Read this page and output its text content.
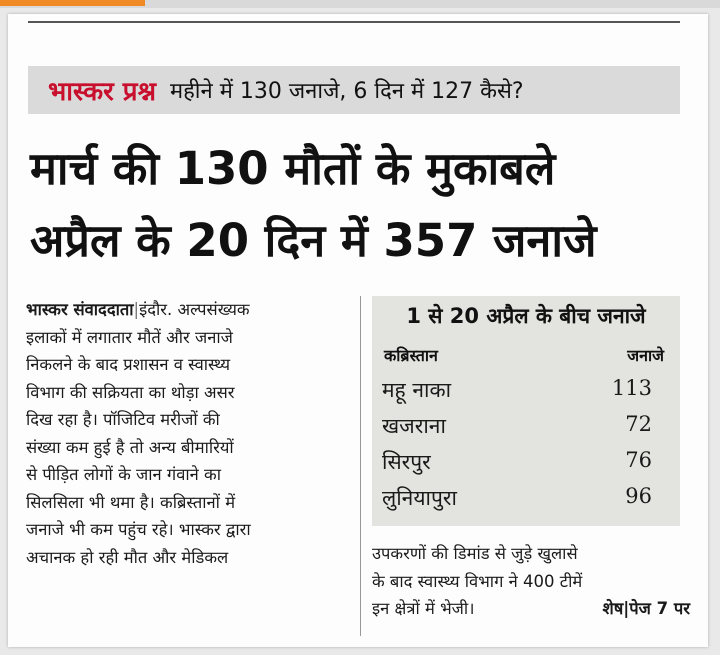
भास्कर प्रश्न महीने में 130 जनाजे, 6 दिन में 127 कैसे?
मार्च की 130 मौतों के मुकाबले
अप्रैल के 20 दिन में 357 जनाजे
भास्कर संवाददाता|इंदौर. अल्पसंख्यक
इलाकों में लगातार मौतें और जनाजे
निकलने के बाद प्रशासन व स्वास्थ्य
विभाग की सक्रियता का थोड़ा असर
दिख रहा है। पॉजिटिव मरीजों की
संख्या कम हुई है तो अन्य बीमारियों
से पीड़ित लोगों के जान गंवाने का
सिलसिला भी थमा है। कब्रिस्तानों में
जनाजे भी कम पहुंच रहे। भास्कर द्वारा
अचानक हो रही मौत और मेडिकल
1 से 20 अप्रैल के बीच जनाजे
कब्रिस्तान	जनाजे
महू नाका	113
खजराना	72
सिरपुर	76
लुनियापुरा	96
उपकरणों की डिमांड से जुड़े खुलासे
के बाद स्वास्थ्य विभाग ने 400 टीमें
इन क्षेत्रों में भेजी।	शेष|पेज 7 पर
